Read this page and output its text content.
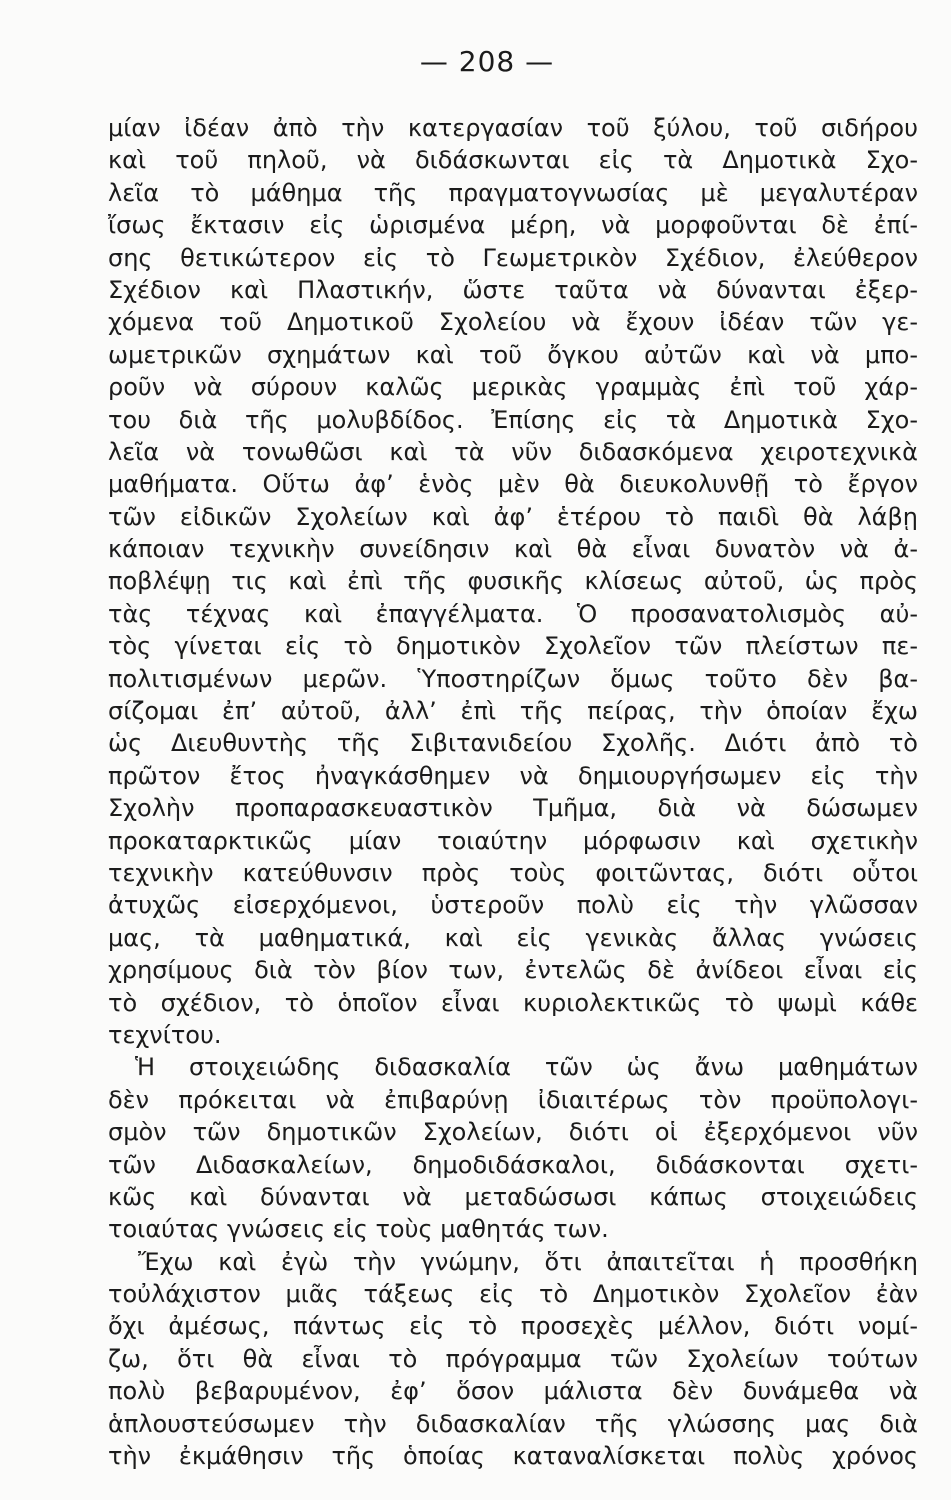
— 208 —
μίαν ἰδέαν ἀπὸ τὴν κατεργασίαν τοῦ ξύλου, τοῦ σιδήρου
καὶ τοῦ πηλοῦ, νὰ διδάσκωνται εἰς τὰ Δημοτικὰ Σχο-
λεῖα τὸ μάθημα τῆς πραγματογνωσίας μὲ μεγαλυτέραν
ἴσως ἔκτασιν εἰς ὡρισμένα μέρη, νὰ μορφοῦνται δὲ ἐπί-
σης θετικώτερον εἰς τὸ Γεωμετρικὸν Σχέδιον, ἐλεύθερον
Σχέδιον καὶ Πλαστικήν, ὥστε ταῦτα νὰ δύνανται ἐξερ-
χόμενα τοῦ Δημοτικοῦ Σχολείου νὰ ἔχουν ἰδέαν τῶν γε-
ωμετρικῶν σχημάτων καὶ τοῦ ὄγκου αὐτῶν καὶ νὰ μπο-
ροῦν νὰ σύρουν καλῶς μερικὰς γραμμὰς ἐπὶ τοῦ χάρ-
του διὰ τῆς μολυβδίδος. Ἐπίσης εἰς τὰ Δημοτικὰ Σχο-
λεῖα νὰ τονωθῶσι καὶ τὰ νῦν διδασκόμενα χειροτεχνικὰ
μαθήματα. Οὕτω ἀφ’ ἑνὸς μὲν θὰ διευκολυνθῇ τὸ ἔργον
τῶν εἰδικῶν Σχολείων καὶ ἀφ’ ἑτέρου τὸ παιδὶ θὰ λάβῃ
κάποιαν τεχνικὴν συνείδησιν καὶ θὰ εἶναι δυνατὸν νὰ ἀ-
ποβλέψῃ τις καὶ ἐπὶ τῆς φυσικῆς κλίσεως αὐτοῦ, ὡς πρὸς
τὰς τέχνας καὶ ἐπαγγέλματα. Ὁ προσανατολισμὸς αὐ-
τὸς γίνεται εἰς τὸ δημοτικὸν Σχολεῖον τῶν πλείστων πε-
πολιτισμένων μερῶν. Ὑποστηρίζων ὅμως τοῦτο δὲν βα-
σίζομαι ἐπ’ αὐτοῦ, ἀλλ’ ἐπὶ τῆς πείρας, τὴν ὁποίαν ἔχω
ὡς Διευθυντὴς τῆς Σιβιτανιδείου Σχολῆς. Διότι ἀπὸ τὸ
πρῶτον ἔτος ἠναγκάσθημεν νὰ δημιουργήσωμεν εἰς τὴν
Σχολὴν προπαρασκευαστικὸν Τμῆμα, διὰ νὰ δώσωμεν
προκαταρκτικῶς μίαν τοιαύτην μόρφωσιν καὶ σχετικὴν
τεχνικὴν κατεύθυνσιν πρὸς τοὺς φοιτῶντας, διότι οὗτοι
ἀτυχῶς εἰσερχόμενοι, ὑστεροῦν πολὺ εἰς τὴν γλῶσσαν
μας, τὰ μαθηματικά, καὶ εἰς γενικὰς ἄλλας γνώσεις
χρησίμους διὰ τὸν βίον των, ἐντελῶς δὲ ἀνίδεοι εἶναι εἰς
τὸ σχέδιον, τὸ ὁποῖον εἶναι κυριολεκτικῶς τὸ ψωμὶ κάθε
τεχνίτου.
Ἡ στοιχειώδης διδασκαλία τῶν ὡς ἄνω μαθημάτων
δὲν πρόκειται νὰ ἐπιβαρύνῃ ἰδιαιτέρως τὸν προϋπολογι-
σμὸν τῶν δημοτικῶν Σχολείων, διότι οἱ ἐξερχόμενοι νῦν
τῶν Διδασκαλείων, δημοδιδάσκαλοι, διδάσκονται σχετι-
κῶς καὶ δύνανται νὰ μεταδώσωσι κάπως στοιχειώδεις
τοιαύτας γνώσεις εἰς τοὺς μαθητάς των.
Ἔχω καὶ ἐγὼ τὴν γνώμην, ὅτι ἀπαιτεῖται ἡ προσθήκη
τοὐλάχιστον μιᾶς τάξεως εἰς τὸ Δημοτικὸν Σχολεῖον ἐὰν
ὄχι ἀμέσως, πάντως εἰς τὸ προσεχὲς μέλλον, διότι νομί-
ζω, ὅτι θὰ εἶναι τὸ πρόγραμμα τῶν Σχολείων τούτων
πολὺ βεβαρυμένον, ἐφ’ ὅσον μάλιστα δὲν δυνάμεθα νὰ
ἁπλουστεύσωμεν τὴν διδασκαλίαν τῆς γλώσσης μας διὰ
τὴν ἐκμάθησιν τῆς ὁποίας καταναλίσκεται πολὺς χρόνος
